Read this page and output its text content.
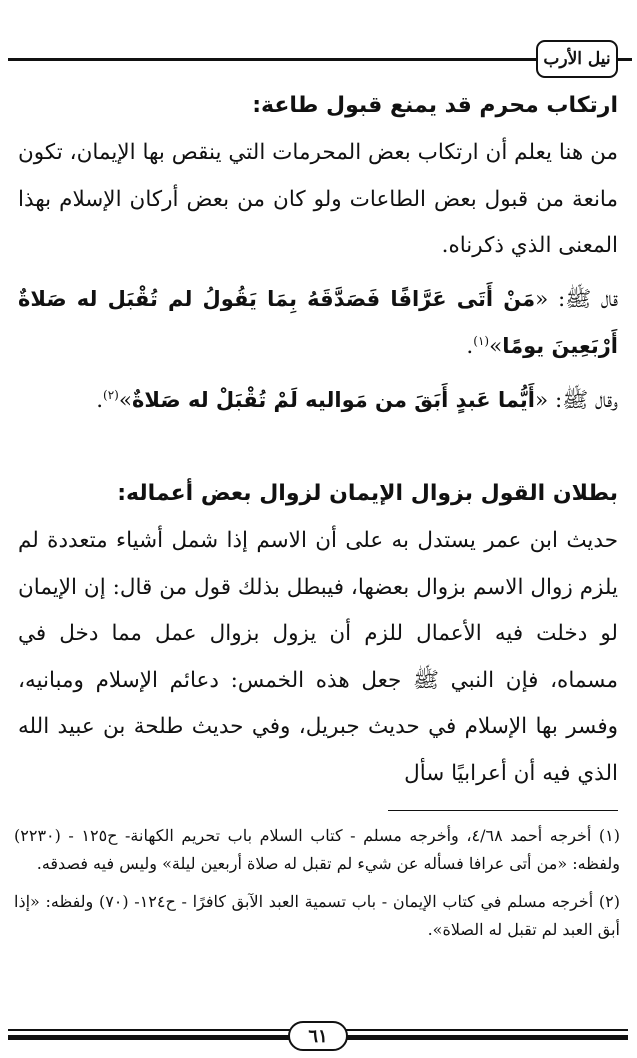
نيل الأرب
ارتكاب محرم قد يمنع قبول طاعة:
من هنا يعلم أن ارتكاب بعض المحرمات التي ينقص بها الإيمان، تكون مانعة من قبول بعض الطاعات ولو كان من بعض أركان الإسلام بهذا المعنى الذي ذكرناه.
قال ﷺ: «مَنْ أَتَى عَرَّافًا فَصَدَّقَهُ بِمَا يَقُولُ لم تُقْبَل له صَلاةٌ أَرْبَعِينَ يومًا»$^{(١)}$.
وقال ﷺ: «أَيُّما عَبدٍ أَبَقَ من مَواليه لَمْ تُقْبَلْ له صَلاةٌ»$^{(٢)}$.
بطلان القول بزوال الإيمان لزوال بعض أعماله:
حديث ابن عمر يستدل به على أن الاسم إذا شمل أشياء متعددة لم يلزم زوال الاسم بزوال بعضها، فيبطل بذلك قول من قال: إن الإيمان لو دخلت فيه الأعمال للزم أن يزول بزوال عمل مما دخل في مسماه، فإن النبي ﷺ جعل هذه الخمس: دعائم الإسلام ومبانيه، وفسر بها الإسلام في حديث جبريل، وفي حديث طلحة بن عبيد الله الذي فيه أن أعرابيًا سأل
(١) أخرجه أحمد ٤/٦٨، وأخرجه مسلم - كتاب السلام باب تحريم الكهانة- ح١٢٥ - (٢٢٣٠) ولفظه: «من أتى عرافا فسأله عن شيء لم تقبل له صلاة أربعين ليلة» وليس فيه فصدقه.
(٢) أخرجه مسلم في كتاب الإيمان - باب تسمية العبد الآبق كافرًا - ح١٢٤- (٧٠) ولفظه: «إذا أبق العبد لم تقبل له الصلاة».
٦١
